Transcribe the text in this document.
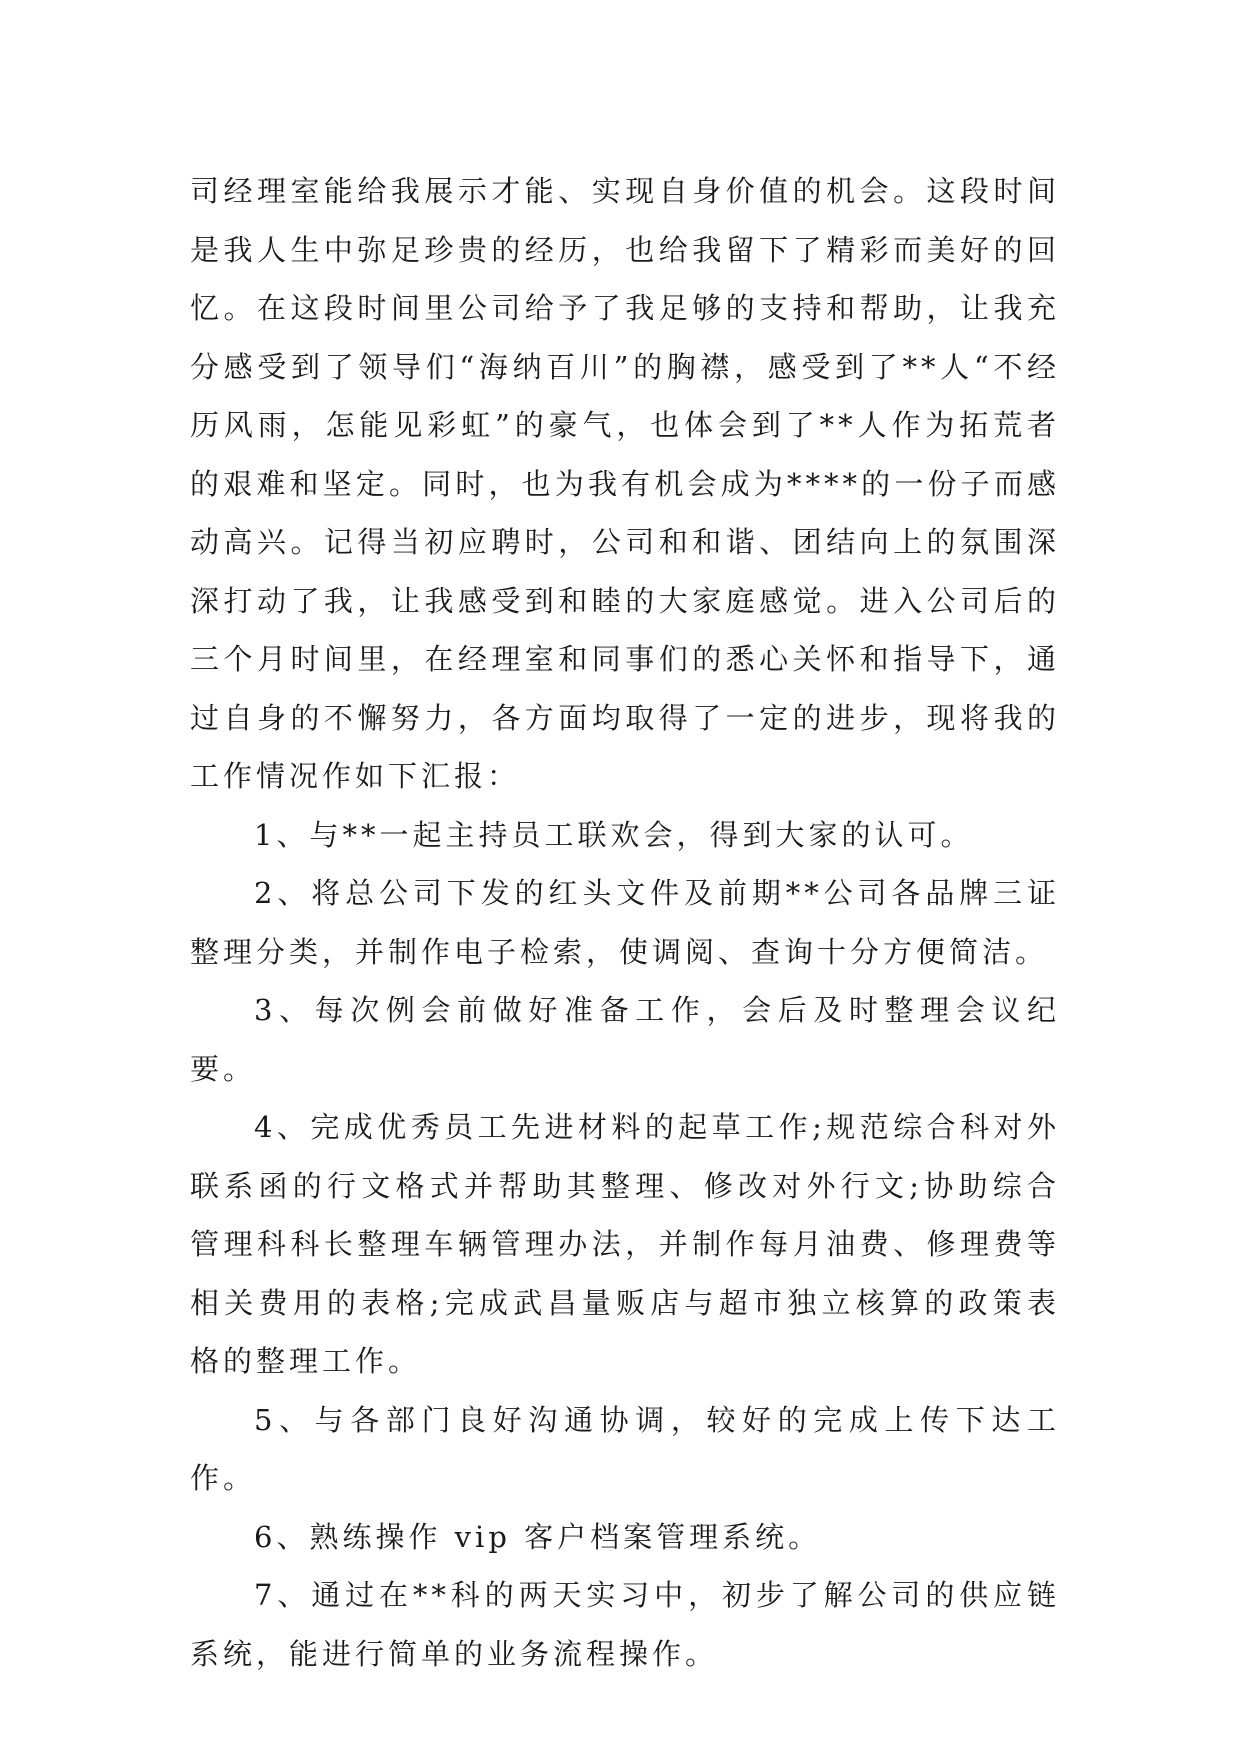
司经理室能给我展示才能、实现自身价值的机会。这段时间是我人生中弥足珍贵的经历，也给我留下了精彩而美好的回忆。在这段时间里公司给予了我足够的支持和帮助，让我充分感受到了领导们“海纳百川”的胸襟，感受到了**人“不经历风雨，怎能见彩虹”的豪气，也体会到了**人作为拓荒者的艰难和坚定。同时，也为我有机会成为****的一份子而感动高兴。记得当初应聘时，公司和和谐、团结向上的氛围深深打动了我，让我感受到和睦的大家庭感觉。进入公司后的三个月时间里，在经理室和同事们的悉心关怀和指导下，通过自身的不懈努力，各方面均取得了一定的进步，现将我的工作情况作如下汇报：

1、与**一起主持员工联欢会，得到大家的认可。

2、将总公司下发的红头文件及前期**公司各品牌三证整理分类，并制作电子检索，使调阅、查询十分方便简洁。

3、每次例会前做好准备工作，会后及时整理会议纪要。

4、完成优秀员工先进材料的起草工作;规范综合科对外联系函的行文格式并帮助其整理、修改对外行文;协助综合管理科科长整理车辆管理办法，并制作每月油费、修理费等相关费用的表格;完成武昌量贩店与超市独立核算的政策表格的整理工作。

5、与各部门良好沟通协调，较好的完成上传下达工作。

6、熟练操作 vip 客户档案管理系统。

7、通过在**科的两天实习中，初步了解公司的供应链系统，能进行简单的业务流程操作。
